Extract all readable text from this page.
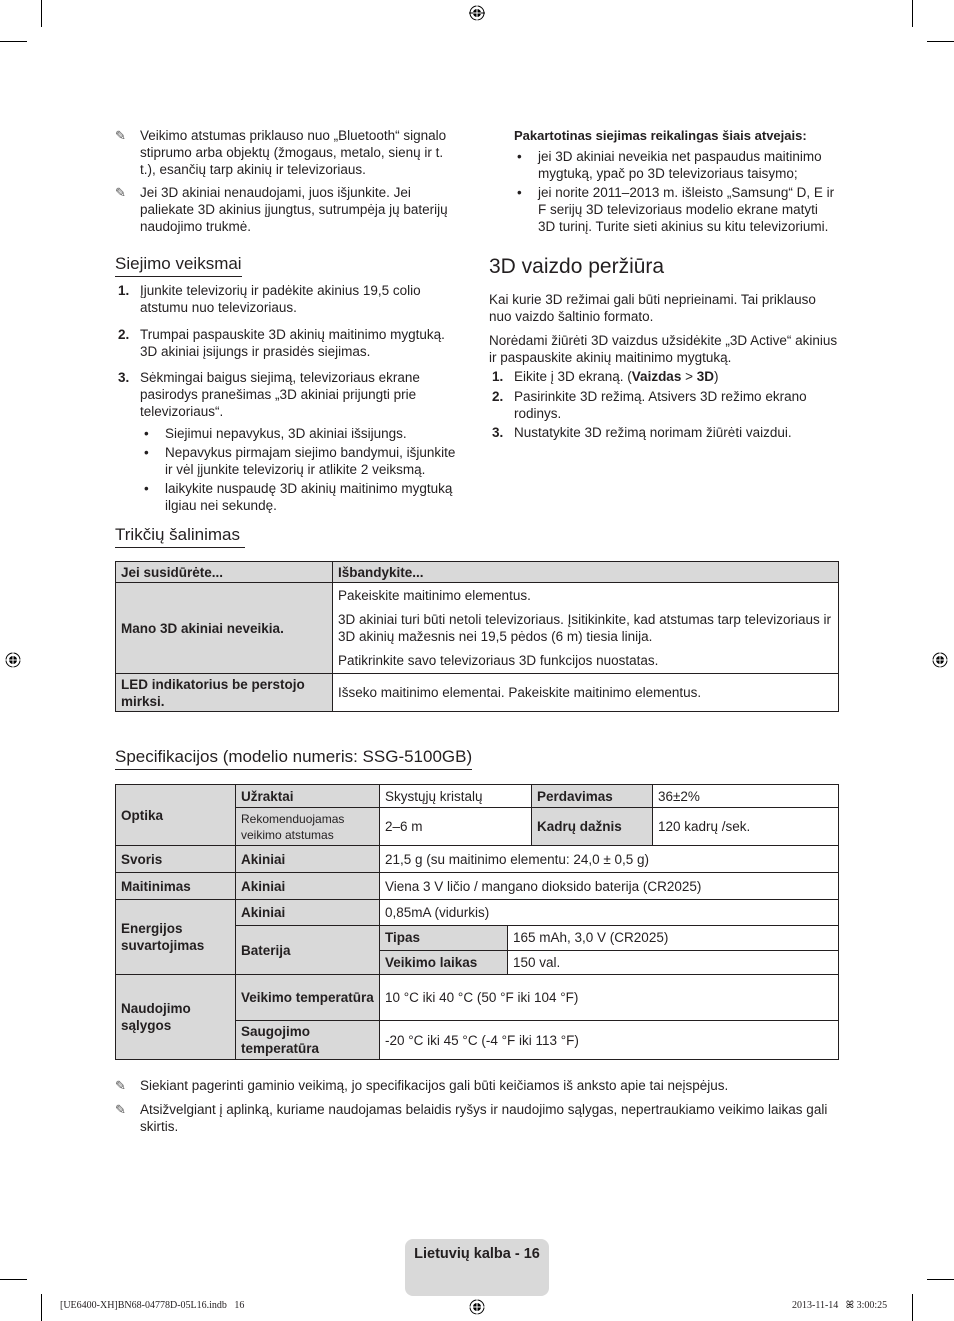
✎ Veikimo atstumas priklauso nuo „Bluetooth“ signalo stiprumo arba objektų (žmogaus, metalo, sienų ir t. t.), esančių tarp akinių ir televizoriaus.
✎ Jei 3D akiniai nenaudojami, juos išjunkite. Jei paliekate 3D akinius įjungtus, sutrumpėja jų baterijų naudojimo trukmė.
Siejimo veiksmai
1. Įjunkite televizorių ir padėkite akinius 19,5 colio atstumu nuo televizoriaus.
2. Trumpai paspauskite 3D akinių maitinimo mygtuką. 3D akiniai įsijungs ir prasidės siejimas.
3. Sėkmingai baigus siejimą, televizoriaus ekrane pasirodys pranešimas „3D akiniai prijungti prie televizoriaus“.
• Siejimui nepavykus, 3D akiniai išsijungs.
• Nepavykus pirmajam siejimo bandymui, išjunkite ir vėl įjunkite televizorių ir atlikite 2 veiksmą.
• laikykite nuspaudę 3D akinių maitinimo mygtuką ilgiau nei sekundę.
Pakartotinas siejimas reikalingas šiais atvejais:
• jei 3D akiniai neveikia net paspaudus maitinimo mygtuką, ypač po 3D televizoriaus taisymo;
• jei norite 2011–2013 m. išleisto „Samsung“ D, E ir F serijų 3D televizoriaus modelio ekrane matyti 3D turinį. Turite sieti akinius su kitu televizoriumi.
3D vaizdo peržiūra
Kai kurie 3D režimai gali būti neprieinami. Tai priklauso nuo vaizdo šaltinio formato.
Norėdami žiūrėti 3D vaizdus užsidėkite „3D Active“ akinius ir paspauskite akinių maitinimo mygtuką.
1. Eikite į 3D ekraną. (Vaizdas > 3D)
2. Pasirinkite 3D režimą. Atsivers 3D režimo ekrano rodinys.
3. Nustatykite 3D režimą norimam žiūrėti vaizdui.
Trikčių šalinimas
Jei susidūrėte...	Išbandykite...
Mano 3D akiniai neveikia.	Pakeiskite maitinimo elementus.
3D akiniai turi būti netoli televizoriaus. Įsitikinkite, kad atstumas tarp televizoriaus ir 3D akinių mažesnis nei 19,5 pėdos (6 m) tiesia linija.
Patikrinkite savo televizoriaus 3D funkcijos nuostatas.

LED indikatorius be perstojo mirksi.	Išseko maitinimo elementai. Pakeiskite maitinimo elementus.
Specifikacijos (modelio numeris: SSG-5100GB)
Optika	Užraktai	Skystųjų kristalų	Perdavimas	36±2%
Rekomenduojamas veikimo atstumas	2–6 m	Kadrų dažnis	120 kadrų /sek.
Svoris	Akiniai	21,5 g (su maitinimo elementu: 24,0 ± 0,5 g)
Maitinimas	Akiniai	Viena 3 V ličio / mangano dioksido baterija (CR2025)
Energijos suvartojimas	Akiniai	0,85mA (vidurkis)
Baterija	
Tipas	165 mAh, 3,0 V (CR2025)
Veikimo laikas	150 val.

Naudojimo sąlygos	Veikimo temperatūra	10 °C iki 40 °C (50 °F iki 104 °F)
Saugojimo temperatūra	-20 °C iki 45 °C (-4 °F iki 113 °F)
✎ Siekiant pagerinti gaminio veikimą, jo specifikacijos gali būti keičiamos iš anksto apie tai neįspėjus.
✎ Atsižvelgiant į aplinką, kuriame naudojamas belaidis ryšys ir naudojimo sąlygas, nepertraukiamo veikimo laikas gali skirtis.
Lietuvių kalba - 16
[UE6400-XH]BN68-04778D-05L16.indb   16	2013-11-14   ꕤ 3:00:25
